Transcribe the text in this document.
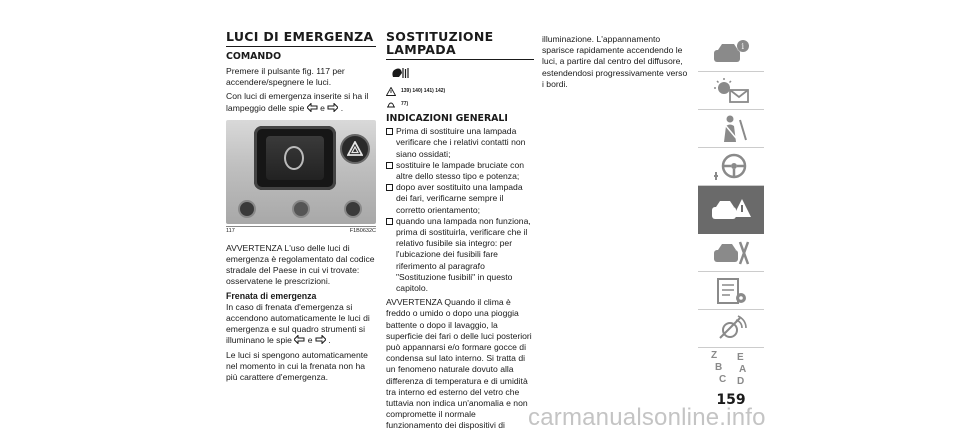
LUCI DI EMERGENZA
COMANDO

Premere il pulsante fig. 117 per accendere/spegnere le luci.

Con luci di emergenza inserite si ha il lampeggio delle spie e .

117	F1B0632C

AVVERTENZA L'uso delle luci di emergenza è regolamentato dal codice stradale del Paese in cui vi trovate: osservatene le prescrizioni.

Frenata di emergenza

In caso di frenata d'emergenza si accendono automaticamente le luci di emergenza e sul quadro strumenti si illuminano le spie e .

Le luci si spengono automaticamente nel momento in cui la frenata non ha più carattere d'emergenza.

SOSTITUZIONE LAMPADA
139) 140) 141) 142)
77)
INDICAZIONI GENERALI
Prima di sostituire una lampada verificare che i relativi contatti non siano ossidati;
sostituire le lampade bruciate con altre dello stesso tipo e potenza;
dopo aver sostituito una lampada dei fari, verificarne sempre il corretto orientamento;
quando una lampada non funziona, prima di sostituirla, verificare che il relativo fusibile sia integro: per l'ubicazione dei fusibili fare riferimento al paragrafo "Sostituzione fusibili" in questo capitolo.

AVVERTENZA Quando il clima è freddo o umido o dopo una pioggia battente o dopo il lavaggio, la superficie dei fari o delle luci posteriori può appannarsi e/o formare gocce di condensa sul lato interno. Si tratta di un fenomeno naturale dovuto alla differenza di temperatura e di umidità tra interno ed esterno del vetro che tuttavia non indica un'anomalia e non compromette il normale funzionamento dei dispositivi di

illuminazione. L'appannamento sparisce rapidamente accendendo le luci, a partire dal centro del diffusore, estendendosi progressivamente verso i bordi.

i
Z E
B A
C D
159
carmanualsonline.info
